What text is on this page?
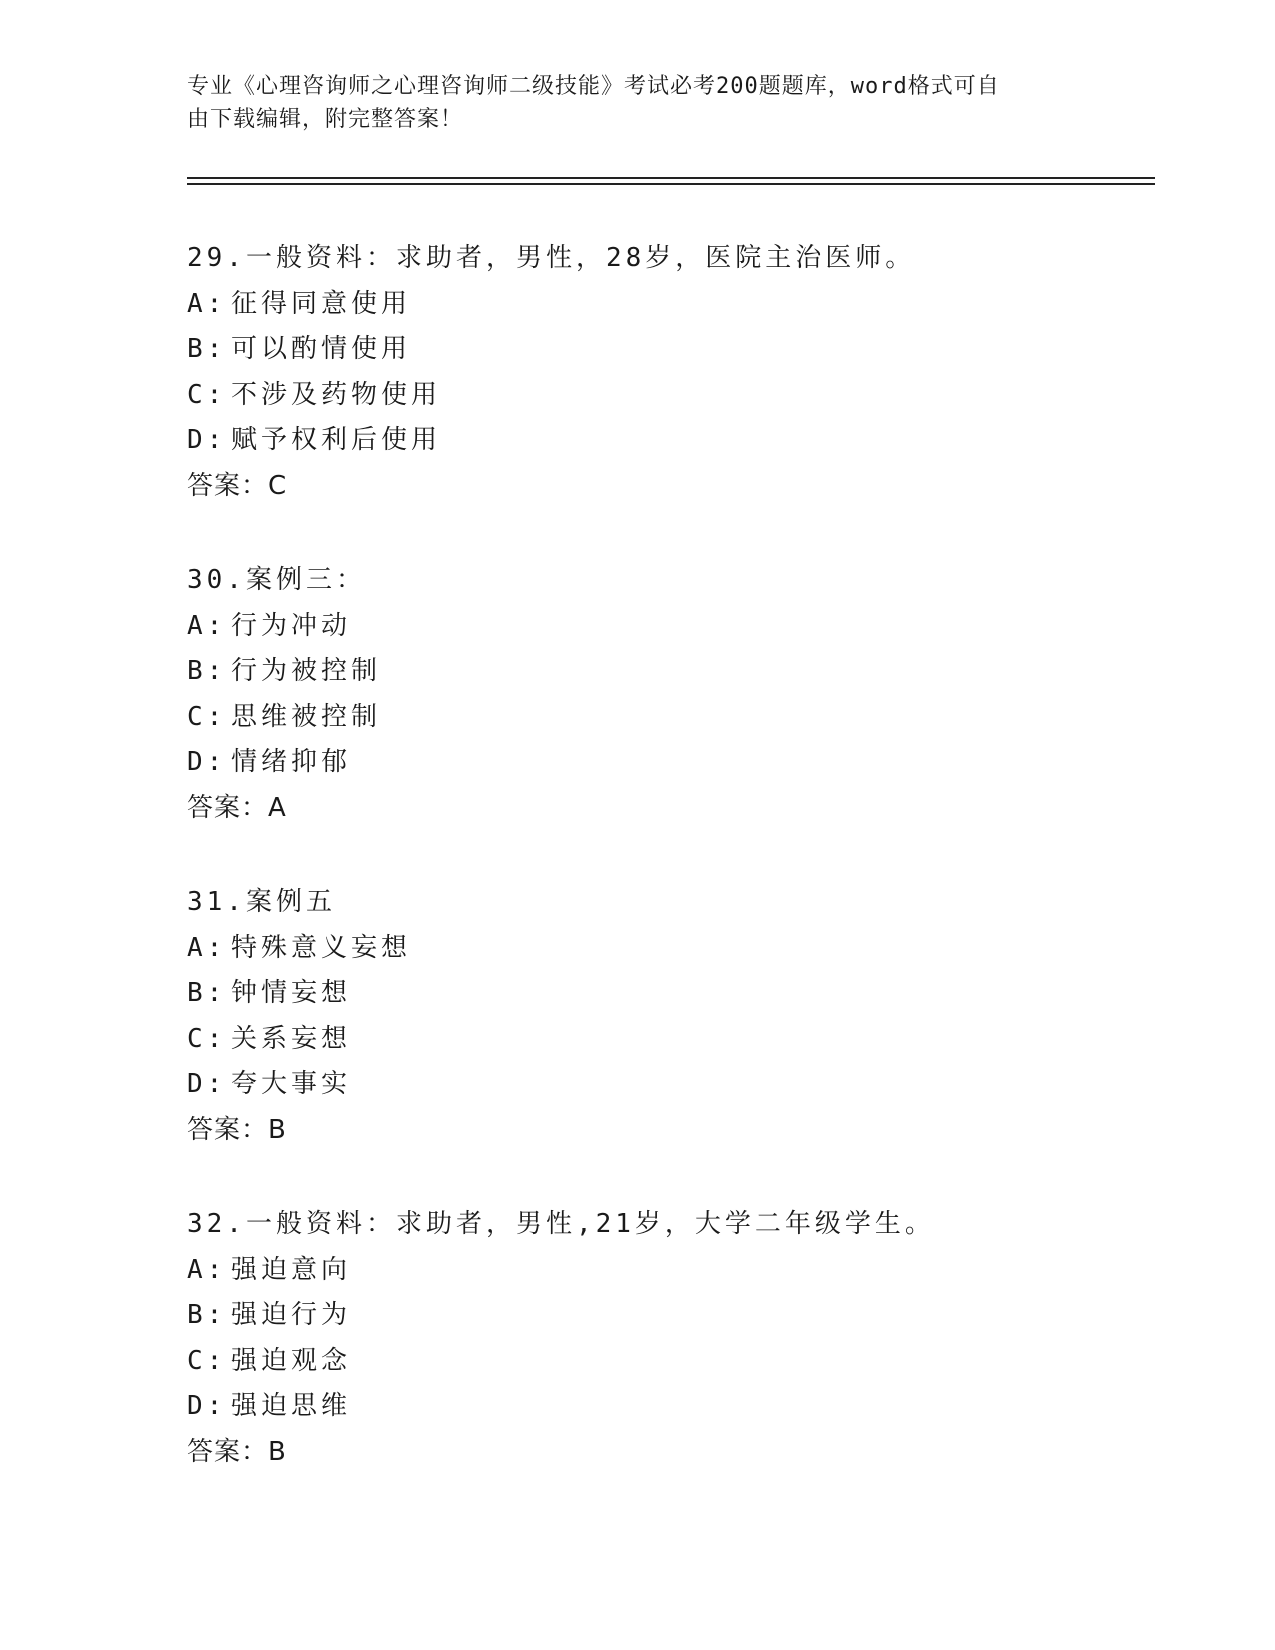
专业《心理咨询师之心理咨询师二级技能》考试必考200题题库，word格式可自
由下载编辑，附完整答案！
29.一般资料：求助者，男性，28岁，医院主治医师。
A: 征得同意使用
B: 可以酌情使用
C: 不涉及药物使用
D: 赋予权利后使用
答案：C
30.案例三：
A: 行为冲动
B: 行为被控制
C: 思维被控制
D: 情绪抑郁
答案：A
31.案例五
A: 特殊意义妄想
B: 钟情妄想
C: 关系妄想
D: 夸大事实
答案：B
32.一般资料：求助者，男性,21岁，大学二年级学生。
A: 强迫意向
B: 强迫行为
C: 强迫观念
D: 强迫思维
答案：B
